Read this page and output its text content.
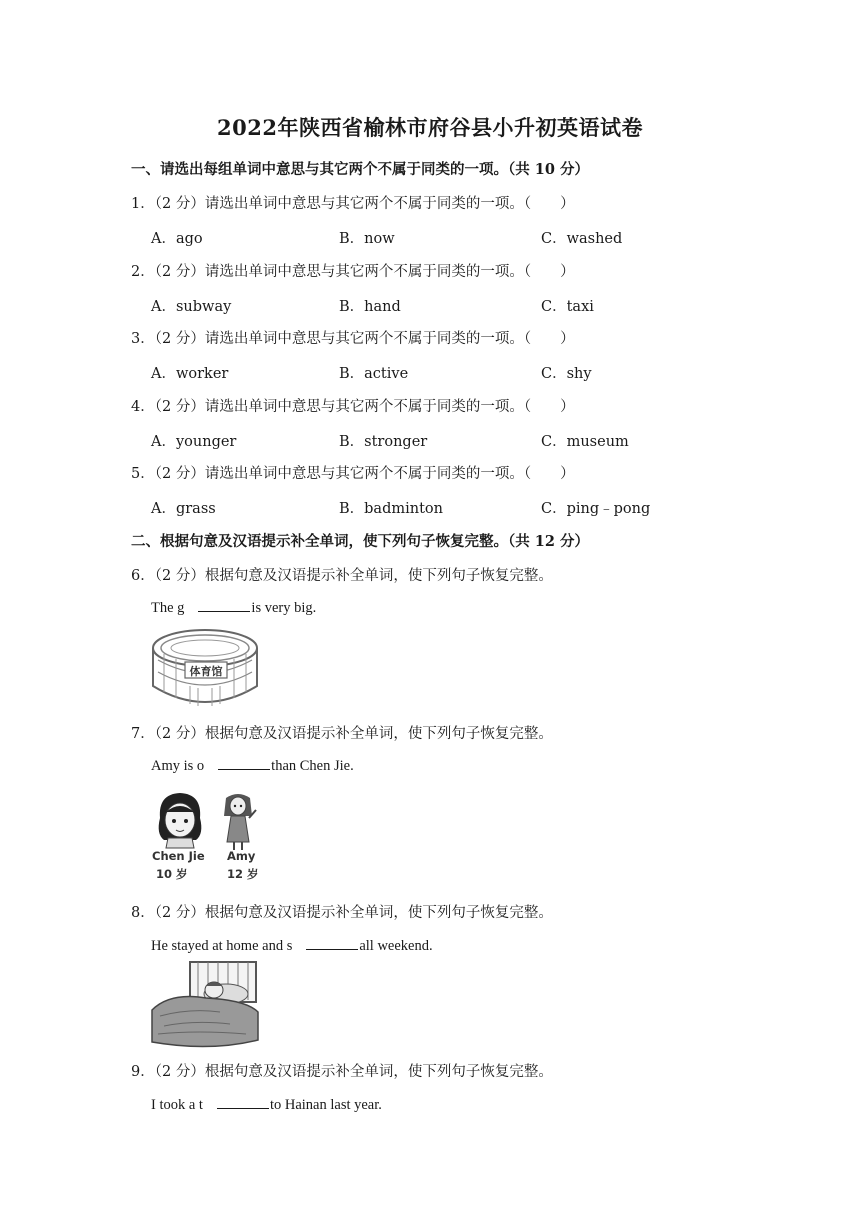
2022年陕西省榆林市府谷县小升初英语试卷
一、请选出每组单词中意思与其它两个不属于同类的一项。（共 10 分）
1．（2 分）请选出单词中意思与其它两个不属于同类的一项。（　　）
A．ago	B．now	C．washed
2．（2 分）请选出单词中意思与其它两个不属于同类的一项。（　　）
A．subway	B．hand	C．taxi
3．（2 分）请选出单词中意思与其它两个不属于同类的一项。（　　）
A．worker	B．active	C．shy
4．（2 分）请选出单词中意思与其它两个不属于同类的一项。（　　）
A．younger	B．stronger	C．museum
5．（2 分）请选出单词中意思与其它两个不属于同类的一项。（　　）
A．grass	B．badminton	C．ping﹣pong
二、根据句意及汉语提示补全单词，使下列句子恢复完整。（共 12 分）
6．（2 分）根据句意及汉语提示补全单词，使下列句子恢复完整。
The g	is very big.
体育馆
7．（2 分）根据句意及汉语提示补全单词，使下列句子恢复完整。
Amy is o	than Chen Jie.
Chen Jie
10 岁
Amy
12 岁
8．（2 分）根据句意及汉语提示补全单词，使下列句子恢复完整。
He stayed at home and s	all weekend.
9．（2 分）根据句意及汉语提示补全单词，使下列句子恢复完整。
I took a t	to Hainan last year.
